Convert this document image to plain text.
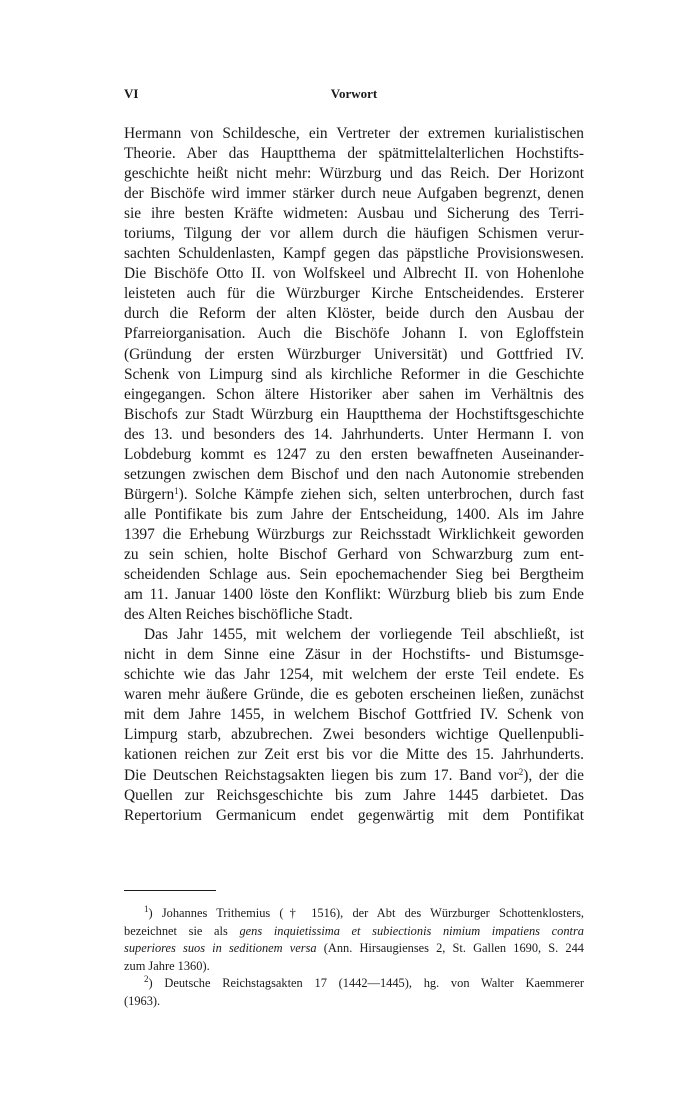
VI	Vorwort
Hermann von Schildesche, ein Vertreter der extremen kurialistischen
Theorie. Aber das Hauptthema der spätmittelalterlichen Hochstifts-
geschichte heißt nicht mehr: Würzburg und das Reich. Der Horizont
der Bischöfe wird immer stärker durch neue Aufgaben begrenzt, denen
sie ihre besten Kräfte widmeten: Ausbau und Sicherung des Terri-
toriums, Tilgung der vor allem durch die häufigen Schismen verur-
sachten Schuldenlasten, Kampf gegen das päpstliche Provisionswesen.
Die Bischöfe Otto II. von Wolfskeel und Albrecht II. von Hohenlohe
leisteten auch für die Würzburger Kirche Entscheidendes. Ersterer
durch die Reform der alten Klöster, beide durch den Ausbau der
Pfarreiorganisation. Auch die Bischöfe Johann I. von Egloffstein
(Gründung der ersten Würzburger Universität) und Gottfried IV.
Schenk von Limpurg sind als kirchliche Reformer in die Geschichte
eingegangen. Schon ältere Historiker aber sahen im Verhältnis des
Bischofs zur Stadt Würzburg ein Hauptthema der Hochstiftsgeschichte
des 13. und besonders des 14. Jahrhunderts. Unter Hermann I. von
Lobdeburg kommt es 1247 zu den ersten bewaffneten Auseinander-
setzungen zwischen dem Bischof und den nach Autonomie strebenden
Bürgern$^1$). Solche Kämpfe ziehen sich, selten unterbrochen, durch fast
alle Pontifikate bis zum Jahre der Entscheidung, 1400. Als im Jahre
1397 die Erhebung Würzburgs zur Reichsstadt Wirklichkeit geworden
zu sein schien, holte Bischof Gerhard von Schwarzburg zum ent-
scheidenden Schlage aus. Sein epochemachender Sieg bei Bergtheim
am 11. Januar 1400 löste den Konflikt: Würzburg blieb bis zum Ende
des Alten Reiches bischöfliche Stadt.
Das Jahr 1455, mit welchem der vorliegende Teil abschließt, ist
nicht in dem Sinne eine Zäsur in der Hochstifts- und Bistumsge-
schichte wie das Jahr 1254, mit welchem der erste Teil endete. Es
waren mehr äußere Gründe, die es geboten erscheinen ließen, zunächst
mit dem Jahre 1455, in welchem Bischof Gottfried IV. Schenk von
Limpurg starb, abzubrechen. Zwei besonders wichtige Quellenpubli-
kationen reichen zur Zeit erst bis vor die Mitte des 15. Jahrhunderts.
Die Deutschen Reichstagsakten liegen bis zum 17. Band vor$^2$), der die
Quellen zur Reichsgeschichte bis zum Jahre 1445 darbietet. Das
Repertorium Germanicum endet gegenwärtig mit dem Pontifikat
$^1$) Johannes Trithemius († 1516), der Abt des Würzburger Schottenklosters,
bezeichnet sie als gens inquietissima et subiectionis nimium impatiens contra
superiores suos in seditionem versa (Ann. Hirsaugienses 2, St. Gallen 1690, S. 244
zum Jahre 1360).
$^2$) Deutsche Reichstagsakten 17 (1442—1445), hg. von Walter Kaemmerer
(1963).
